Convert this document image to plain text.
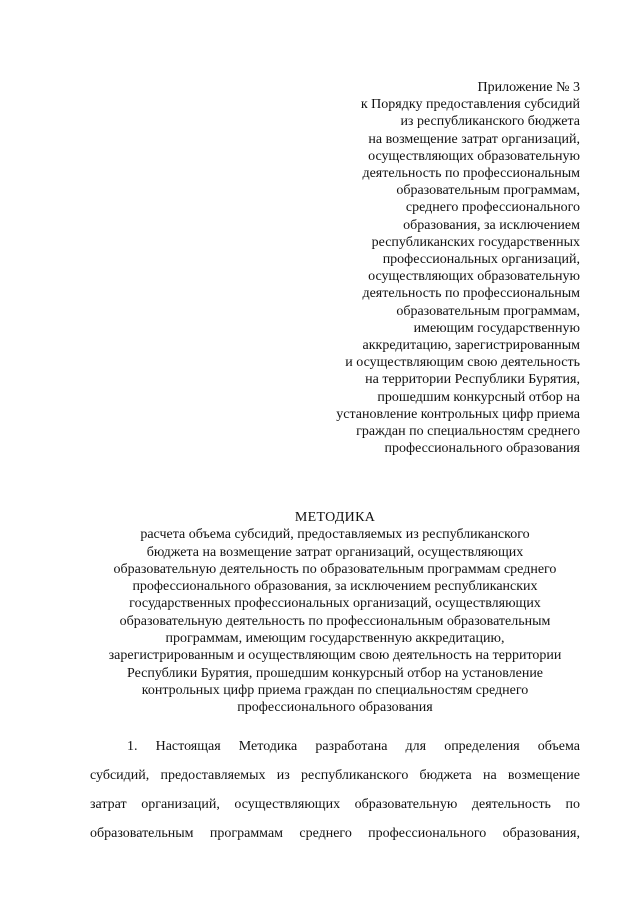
Приложение № 3
к Порядку предоставления субсидий
из республиканского бюджета
на возмещение затрат организаций,
осуществляющих образовательную
деятельность по профессиональным
образовательным программам,
среднего профессионального
образования, за исключением
республиканских государственных
профессиональных организаций,
осуществляющих образовательную
деятельность по профессиональным
образовательным программам,
имеющим государственную
аккредитацию, зарегистрированным
и осуществляющим свою деятельность
на территории Республики Бурятия,
прошедшим конкурсный отбор на
установление контрольных цифр приема
граждан по специальностям среднего
профессионального образования
МЕТОДИКА
расчета объема субсидий, предоставляемых из республиканского
бюджета на возмещение затрат организаций, осуществляющих
образовательную деятельность по образовательным программам среднего
профессионального образования, за исключением республиканских
государственных профессиональных организаций, осуществляющих
образовательную деятельность по профессиональным образовательным
программам, имеющим государственную аккредитацию,
зарегистрированным и осуществляющим свою деятельность на территории
Республики Бурятия, прошедшим конкурсный отбор на установление
контрольных цифр приема граждан по специальностям среднего
профессионального образования
1. Настоящая Методика разработана для определения объема
субсидий, предоставляемых из республиканского бюджета на возмещение
затрат организаций, осуществляющих образовательную деятельность по
образовательным программам среднего профессионального образования,
